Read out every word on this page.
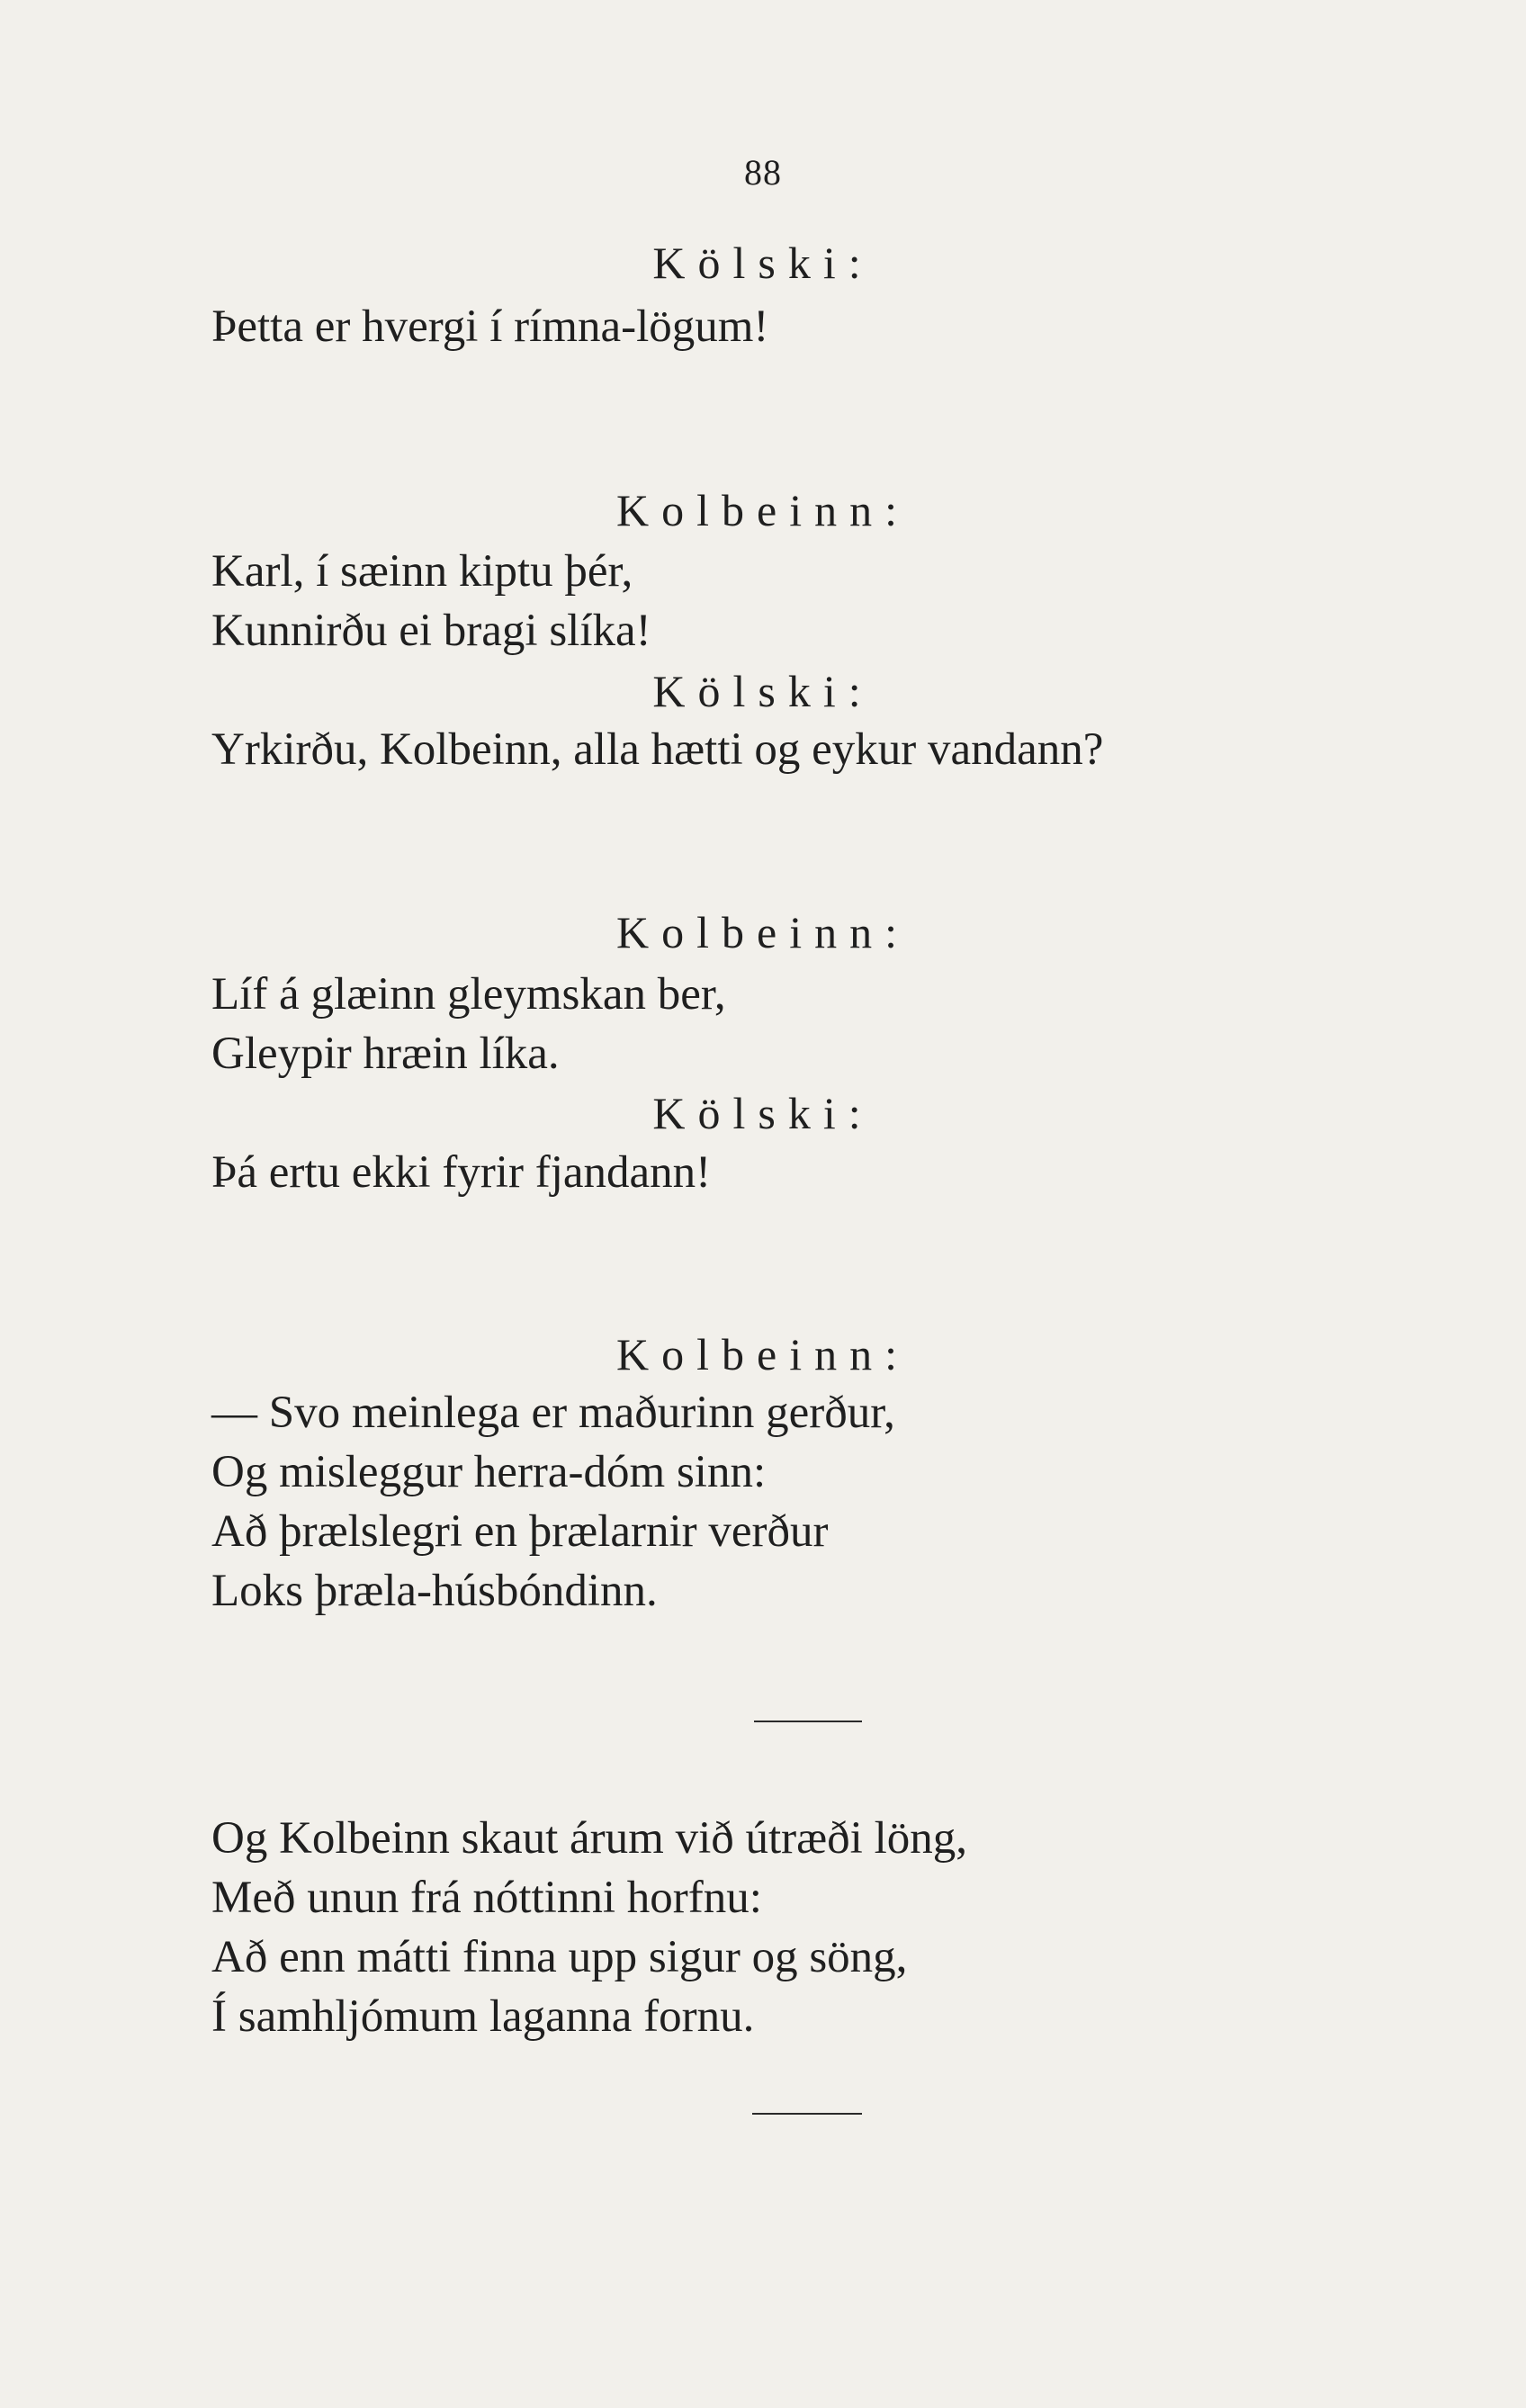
88
Kölski:
Þetta er hvergi í rímna-lögum!
Kolbeinn:
Karl, í sæinn kiptu þér,
Kunnirðu ei bragi slíka!
Kölski:
Yrkirðu, Kolbeinn, alla hætti og eykur vandann?
Kolbeinn:
Líf á glæinn gleymskan ber,
Gleypir hræin líka.
Kölski:
Þá ertu ekki fyrir fjandann!
Kolbeinn:
— Svo meinlega er maðurinn gerður,
Og misleggur herra-dóm sinn:
Að þrælslegri en þrælarnir verður
Loks þræla-húsbóndinn.
Og Kolbeinn skaut árum við útræði löng,
Með unun frá nóttinni horfnu:
Að enn mátti finna upp sigur og söng,
Í samhljómum laganna fornu.
